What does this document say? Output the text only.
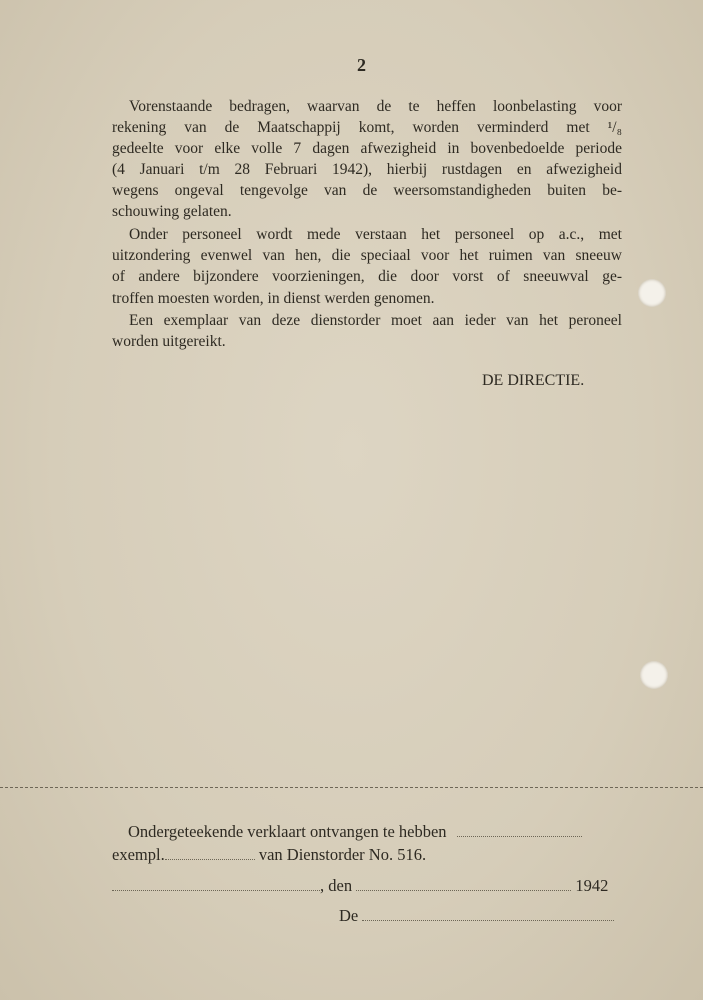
2
Vorenstaande bedragen, waarvan de te heffen loonbelasting voor
rekening van de Maatschappij komt, worden verminderd met ¹/₈
gedeelte voor elke volle 7 dagen afwezigheid in bovenbedoelde periode
(4 Januari t/m 28 Februari 1942), hierbij rustdagen en afwezigheid
wegens ongeval tengevolge van de weersomstandigheden buiten be-
schouwing gelaten.
Onder personeel wordt mede verstaan het personeel op a.c., met
uitzondering evenwel van hen, die speciaal voor het ruimen van sneeuw
of andere bijzondere voorzieningen, die door vorst of sneeuwval ge-
troffen moesten worden, in dienst werden genomen.
Een exemplaar van deze dienstorder moet aan ieder van het peroneel
worden uitgereikt.
DE DIRECTIE.
Ondergeteekende verklaart ontvangen te hebben
exempl.	van Dienstorder No. 516.
, den	1942
De
